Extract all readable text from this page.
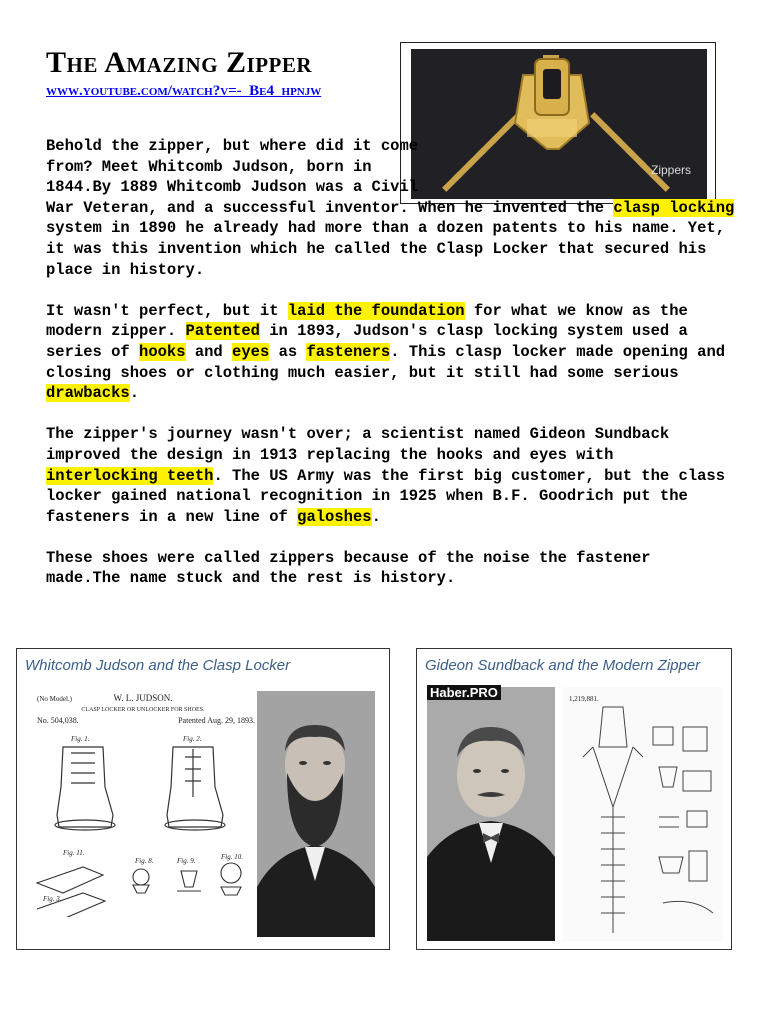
The Amazing Zipper
www.youtube.com/watch?v=-_Be4_hpnjw
Zippers

Behold the zipper, but where did it come from? Meet Whitcomb Judson, born in 1844.By 1889 Whitcomb Judson was a Civil War Veteran, and a successful inventor. When he invented the clasp locking system in 1890 he already had more than a dozen patents to his name. Yet, it was this invention which he called the Clasp Locker that secured his place in history.

It wasn't perfect, but it laid the foundation for what we know as the modern zipper. Patented in 1893, Judson's clasp locking system used a series of hooks and eyes as fasteners. This clasp locker made opening and closing shoes or clothing much easier, but it still had some serious drawbacks.

The zipper's journey wasn't over; a scientist named Gideon Sundback improved the design in 1913 replacing the hooks and eyes with interlocking teeth. The US Army was the first big customer, but the class locker gained national recognition in 1925 when B.F. Goodrich put the fasteners in a new line of galoshes.

These shoes were called zippers because of the noise the fastener made.The name stuck and the rest is history.

Whitcomb Judson and the Clasp Locker
(No Model.)	W. L. JUDSON.
CLASP LOCKER OR UNLOCKER FOR SHOES.
No. 504,038.	Patented Aug. 29, 1893.
Fig. 1.	Fig. 2.
Fig. 11.
Fig. 8.	Fig. 9.	Fig. 10.
Fig. 3.
Gideon Sundback and the Modern Zipper
Haber.PRO	1,219,881.
